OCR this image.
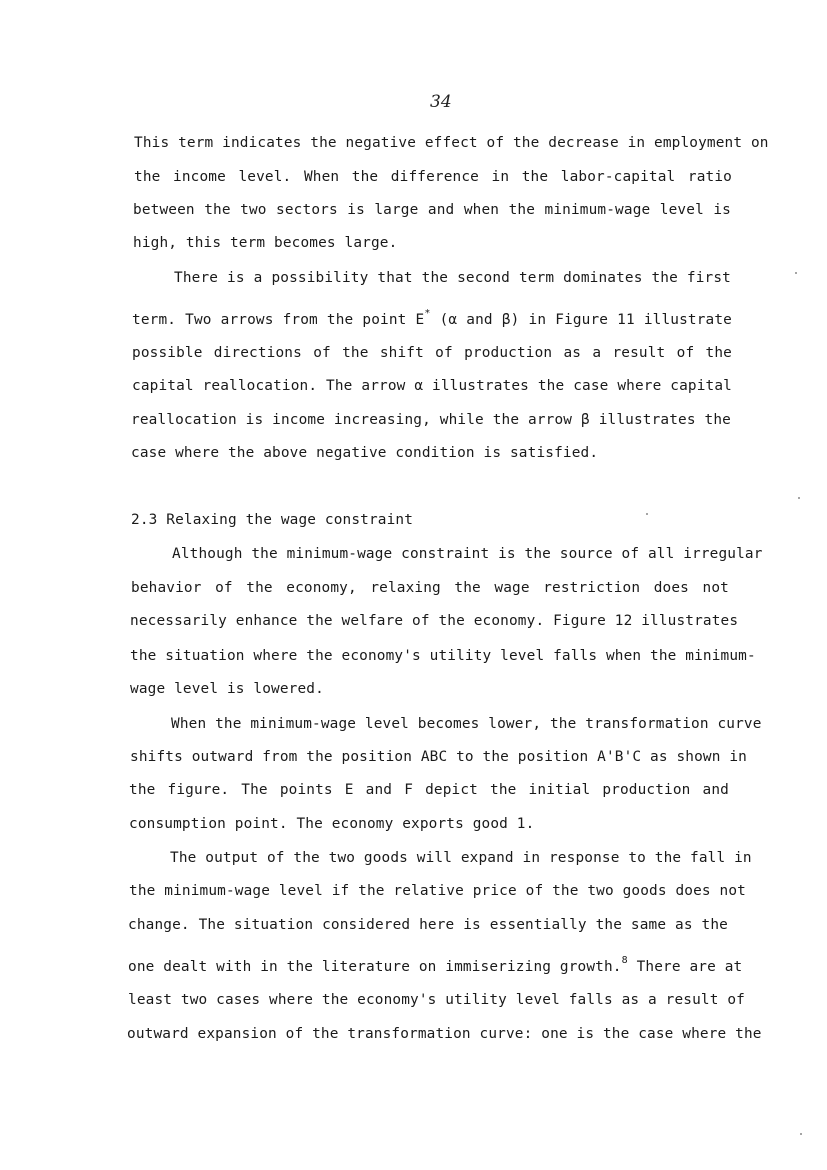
34
This term indicates the negative effect of the decrease in employment on
the income level. When the difference in the labor-capital ratio
between the two sectors is large and when the minimum-wage level is
high, this term becomes large.
There is a possibility that the second term dominates the first
term. Two arrows from the point E* (α and β) in Figure 11 illustrate
possible directions of the shift of production as a result of the
capital reallocation. The arrow α illustrates the case where capital
reallocation is income increasing, while the arrow β illustrates the
case where the above negative condition is satisfied.
2.3 Relaxing the wage constraint
Although the minimum-wage constraint is the source of all irregular
behavior of the economy, relaxing the wage restriction does not
necessarily enhance the welfare of the economy. Figure 12 illustrates
the situation where the economy's utility level falls when the minimum-
wage level is lowered.
When the minimum-wage level becomes lower, the transformation curve
shifts outward from the position ABC to the position A'B'C as shown in
the figure. The points E and F depict the initial production and
consumption point. The economy exports good 1.
The output of the two goods will expand in response to the fall in
the minimum-wage level if the relative price of the two goods does not
change. The situation considered here is essentially the same as the
one dealt with in the literature on immiserizing growth.$^8$ There are at
least two cases where the economy's utility level falls as a result of
outward expansion of the transformation curve: one is the case where the
